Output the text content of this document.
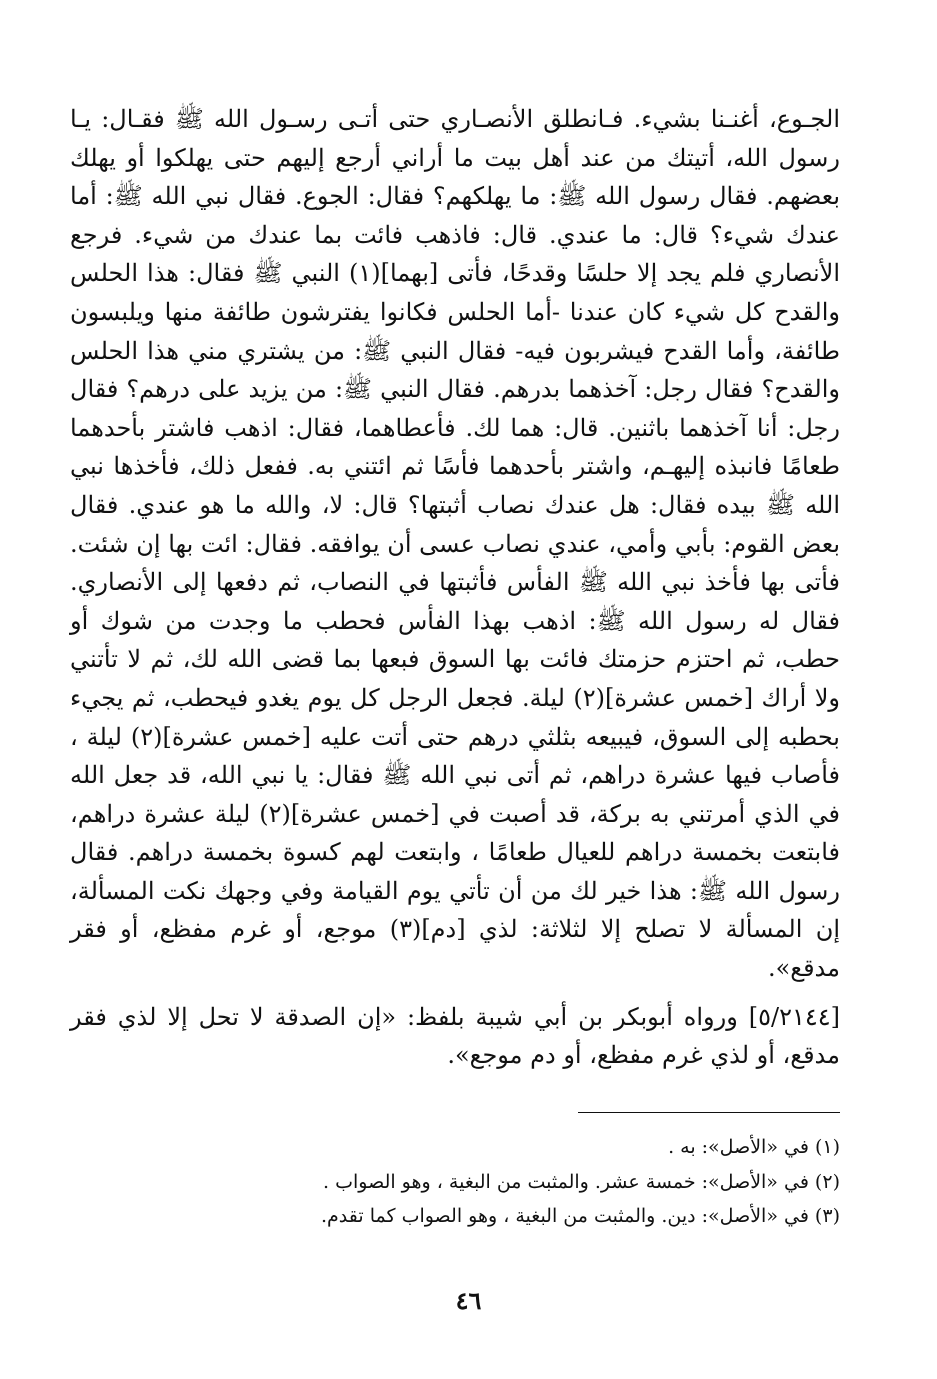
الجـوع، أغنـنا بشيء. فـانطلق الأنصـاري حتى أتـى رسـول الله ﷺ فقـال: يـا رسول الله، أتيتك من عند أهل بيت ما أراني أرجع إليهم حتى يهلكوا أو يهلك بعضهم. فقال رسول الله ﷺ: ما يهلكهم؟ فقال: الجوع. فقال نبي الله ﷺ: أما عندك شيء؟ قال: ما عندي. قال: فاذهب فائت بما عندك من شيء. فرجع الأنصاري فلم يجد إلا حلسًا وقدحًا، فأتى [بهما](١) النبي ﷺ فقال: هذا الحلس والقدح كل شيء كان عندنا -أما الحلس فكانوا يفترشون طائفة منها ويلبسون طائفة، وأما القدح فيشربون فيه- فقال النبي ﷺ: من يشتري مني هذا الحلس والقدح؟ فقال رجل: آخذهما بدرهم. فقال النبي ﷺ: من يزيد على درهم؟ فقال رجل: أنا آخذهما باثنين. قال: هما لك. فأعطاهما، فقال: اذهب فاشتر بأحدهما طعامًا فانبذه إليهـم، واشتر بأحدهما فأسًا ثم ائتني به. ففعل ذلك، فأخذها نبي الله ﷺ بيده فقال: هل عندك نصاب أثبتها؟ قال: لا، والله ما هو عندي. فقال بعض القوم: بأبي وأمي، عندي نصاب عسى أن يوافقه. فقال: ائت بها إن شئت. فأتى بها فأخذ نبي الله ﷺ الفأس فأثبتها في النصاب، ثم دفعها إلى الأنصاري. فقال له رسول الله ﷺ: اذهب بهذا الفأس فحطب ما وجدت من شوك أو حطب، ثم احتزم حزمتك فائت بها السوق فبعها بما قضى الله لك، ثم لا تأتني ولا أراك [خمس عشرة](٢) ليلة. فجعل الرجل كل يوم يغدو فيحطب، ثم يجيء بحطبه إلى السوق، فيبيعه بثلثي درهم حتى أتت عليه [خمس عشرة](٢) ليلة ، فأصاب فيها عشرة دراهم، ثم أتى نبي الله ﷺ فقال: يا نبي الله، قد جعل الله في الذي أمرتني به بركة، قد أصبت في [خمس عشرة](٢) ليلة عشرة دراهم، فابتعت بخمسة دراهم للعيال طعامًا ، وابتعت لهم كسوة بخمسة دراهم. فقال رسول الله ﷺ: هذا خير لك من أن تأتي يوم القيامة وفي وجهك نكت المسألة، إن المسألة لا تصلح إلا لثلاثة: لذي [دم](٣) موجع، أو غرم مفظع، أو فقر مدقع».

[٥/٢١٤٤] ورواه أبوبكر بن أبي شيبة بلفظ: «إن الصدقة لا تحل إلا لذي فقر مدقع، أو لذي غرم مفظع، أو دم موجع».

(١) في «الأصل»: به .

(٢) في «الأصل»: خمسة عشر. والمثبت من البغية ، وهو الصواب .

(٣) في «الأصل»: دين. والمثبت من البغية ، وهو الصواب كما تقدم.

٤٦
